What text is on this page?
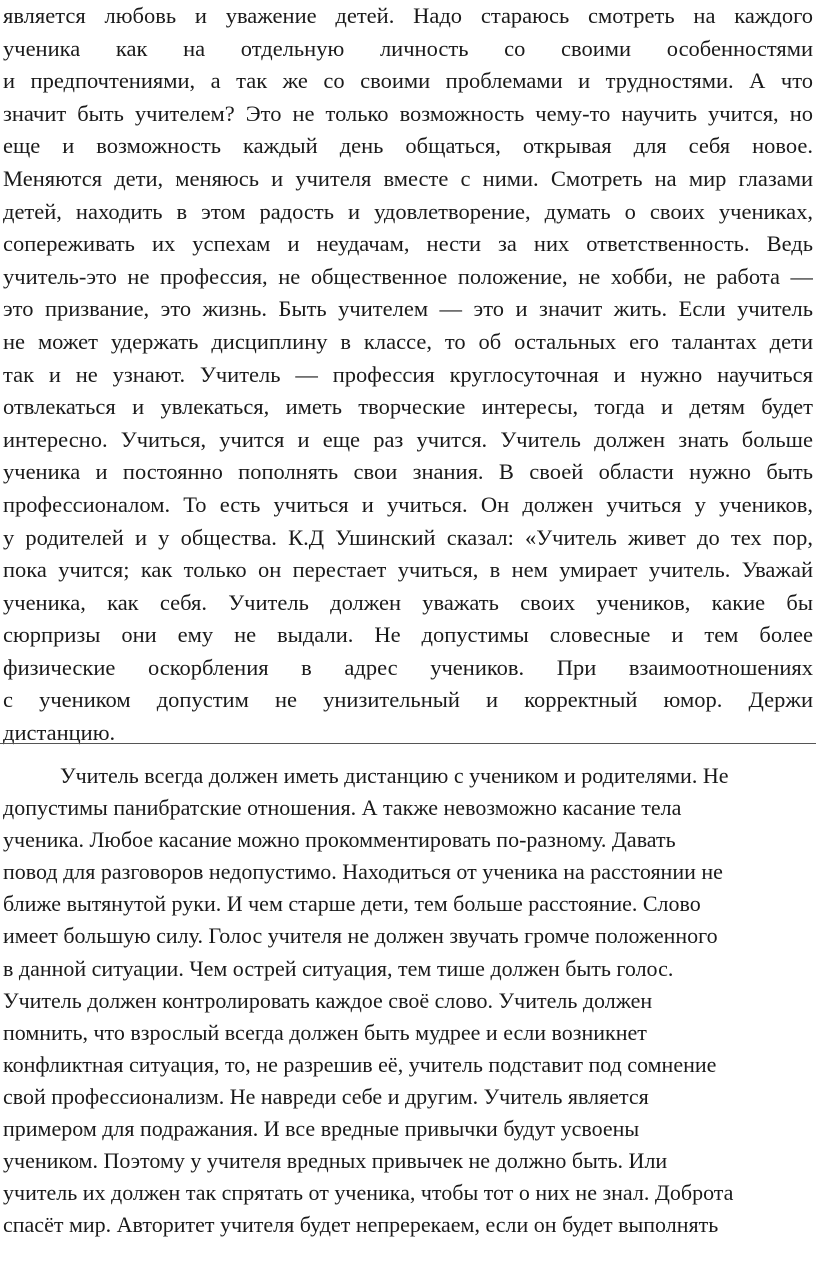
является любовь и уважение детей. Надо стараюсь смотреть на каждого
ученика как на отдельную личность со своими особенностями
и предпочтениями, а так же со своими проблемами и трудностями. А что
значит быть учителем? Это не только возможность чему-то научить учится, но
еще и возможность каждый день общаться, открывая для себя новое.
Меняются дети, меняюсь и учителя вместе с ними. Смотреть на мир глазами
детей, находить в этом радость и удовлетворение, думать о своих учениках,
сопереживать их успехам и неудачам, нести за них ответственность. Ведь
учитель-это не профессия, не общественное положение, не хобби, не работа —
это призвание, это жизнь. Быть учителем — это и значит жить. Если учитель
не может удержать дисциплину в классе, то об остальных его талантах дети
так и не узнают. Учитель — профессия круглосуточная и нужно научиться
отвлекаться и увлекаться, иметь творческие интересы, тогда и детям будет
интересно. Учиться, учится и еще раз учится. Учитель должен знать больше
ученика и постоянно пополнять свои знания. В своей области нужно быть
профессионалом. То есть учиться и учиться. Он должен учиться у учеников,
у родителей и у общества. К.Д Ушинский сказал: «Учитель живет до тех пор,
пока учится; как только он перестает учиться, в нем умирает учитель. Уважай
ученика, как себя. Учитель должен уважать своих учеников, какие бы
сюрпризы они ему не выдали. Не допустимы словесные и тем более
физические оскорбления в адрес учеников. При взаимоотношениях
с учеником допустим не унизительный и корректный юмор. Держи
дистанцию.
Учитель всегда должен иметь дистанцию с учеником и родителями. Не
допустимы панибратские отношения. А также невозможно касание тела
ученика. Любое касание можно прокомментировать по-разному. Давать
повод для разговоров недопустимо. Находиться от ученика на расстоянии не
ближе вытянутой руки. И чем старше дети, тем больше расстояние. Слово
имеет большую силу. Голос учителя не должен звучать громче положенного
в данной ситуации. Чем острей ситуация, тем тише должен быть голос.
Учитель должен контролировать каждое своё слово. Учитель должен
помнить, что взрослый всегда должен быть мудрее и если возникнет
конфликтная ситуация, то, не разрешив её, учитель подставит под сомнение
свой профессионализм. Не навреди себе и другим. Учитель является
примером для подражания. И все вредные привычки будут усвоены
учеником. Поэтому у учителя вредных привычек не должно быть. Или
учитель их должен так спрятать от ученика, чтобы тот о них не знал. Доброта
спасёт мир. Авторитет учителя будет непререкаем, если он будет выполнять
